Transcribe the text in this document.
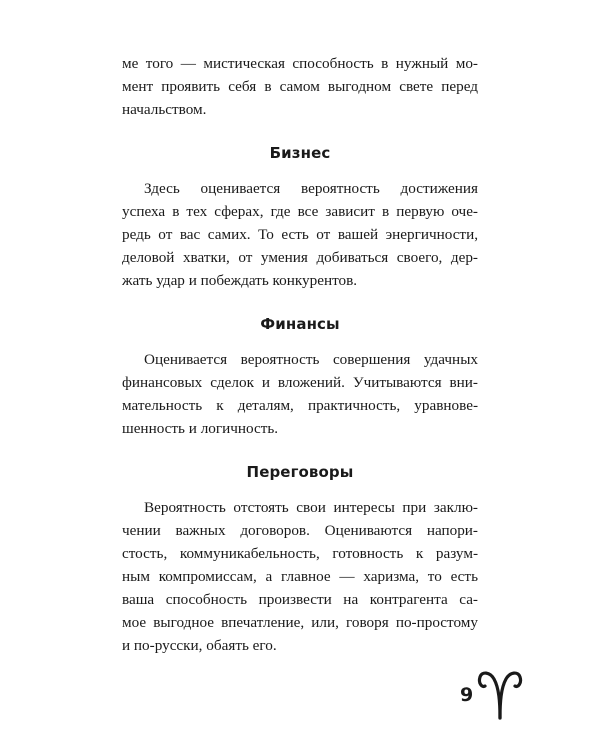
ме того — мистическая способность в нужный мо-
мент проявить себя в самом выгодном свете перед
начальством.

Бизнес

Здесь оценивается вероятность достижения
успеха в тех сферах, где все зависит в первую оче-
редь от вас самих. То есть от вашей энергичности,
деловой хватки, от умения добиваться своего, дер-
жать удар и побеждать конкурентов.

Финансы

Оценивается вероятность совершения удачных
финансовых сделок и вложений. Учитываются вни-
мательность к деталям, практичность, уравнове-
шенность и логичность.

Переговоры

Вероятность отстоять свои интересы при заклю-
чении важных договоров. Оцениваются напори-
стость, коммуникабельность, готовность к разум-
ным компромиссам, а главное — харизма, то есть
ваша способность произвести на контрагента са-
мое выгодное впечатление, или, говоря по-простому
и по-русски, обаять его.

9
